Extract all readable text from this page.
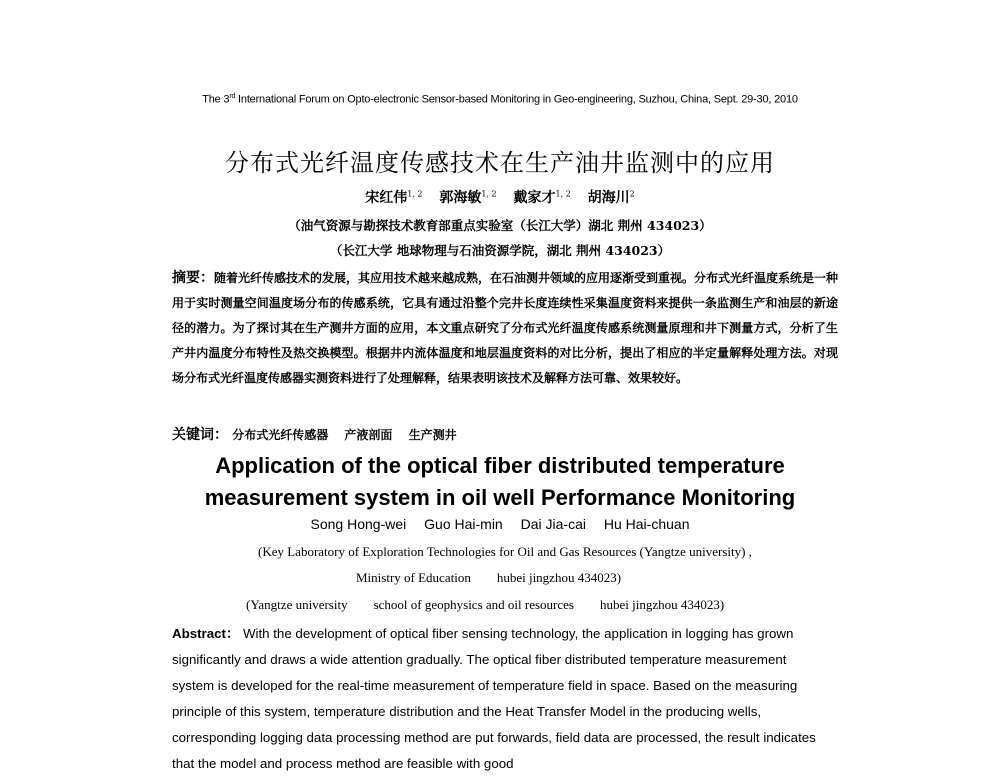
The 3rd International Forum on Opto-electronic Sensor-based Monitoring in Geo-engineering, Suzhou, China, Sept. 29-30, 2010
分布式光纤温度传感技术在生产油井监测中的应用
宋红伟$^{1, 2}$ 郭海敏$^{1, 2}$ 戴家才$^{1, 2}$ 胡海川$^2$
（油气资源与勘探技术教育部重点实验室（长江大学）湖北 荆州 434023）
（长江大学 地球物理与石油资源学院，湖北 荆州 434023）
摘要：随着光纤传感技术的发展，其应用技术越来越成熟，在石油测井领域的应用逐渐受到重视。分布式光纤温度系统是一种用于实时测量空间温度场分布的传感系统，它具有通过沿整个完井长度连续性采集温度资料来提供一条监测生产和油层的新途径的潜力。为了探讨其在生产测井方面的应用，本文重点研究了分布式光纤温度传感系统测量原理和井下测量方式，分析了生产井内温度分布特性及热交换模型。根据井内流体温度和地层温度资料的对比分析，提出了相应的半定量解释处理方法。对现场分布式光纤温度传感器实测资料进行了处理解释，结果表明该技术及解释方法可靠、效果较好。
关键词： 分布式光纤传感器 产液剖面 生产测井
Application of the optical fiber distributed temperature
measurement system in oil well Performance Monitoring
Song Hong-wei Guo Hai-min Dai Jia-cai Hu Hai-chuan
(Key Laboratory of Exploration Technologies for Oil and Gas Resources (Yangtze university) ,
Ministry of Education hubei jingzhou 434023)
(Yangtze university school of geophysics and oil resources hubei jingzhou 434023)
Abstract： With the development of optical fiber sensing technology, the application in logging has grown significantly and draws a wide attention gradually. The optical fiber distributed temperature measurement system is developed for the real-time measurement of temperature field in space. Based on the measuring principle of this system, temperature distribution and the Heat Transfer Model in the producing wells, corresponding logging data processing method are put forwards, field data are processed, the result indicates that the model and process method are feasible with good
